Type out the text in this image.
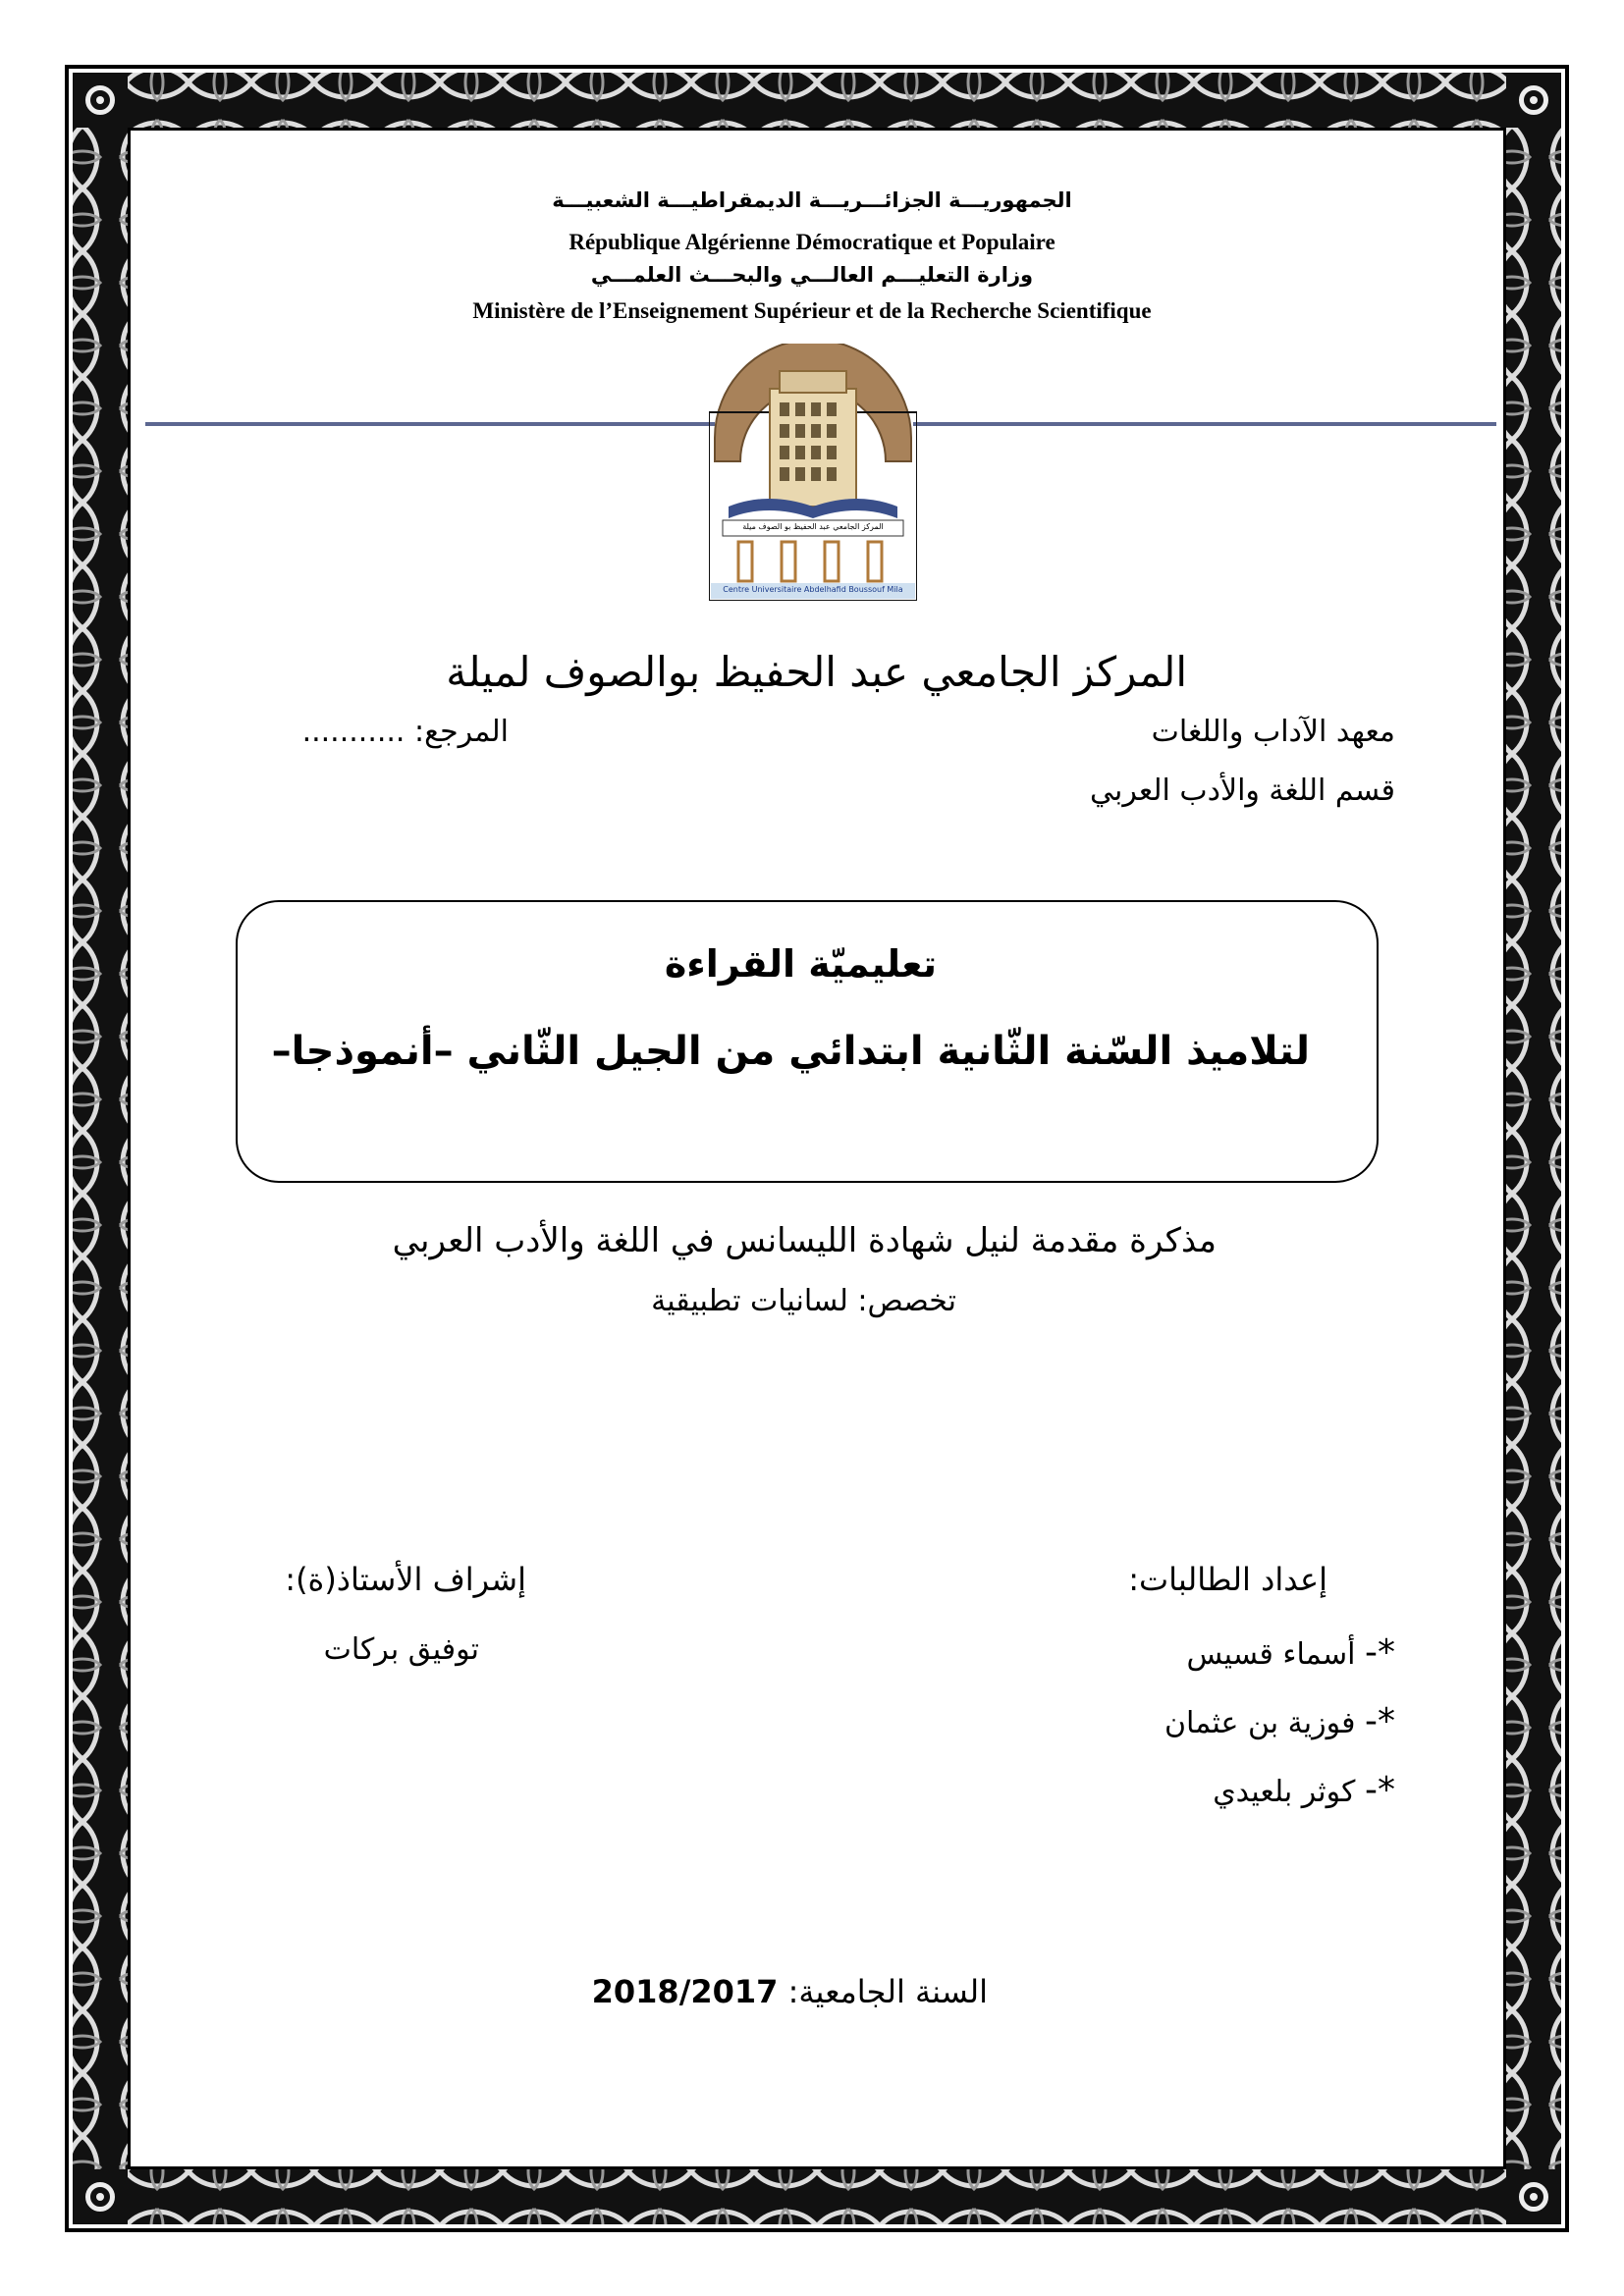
الجمهوريـــة الجزائـــريـــة الديمقراطيـــة الشعبيـــة
République Algérienne Démocratique et Populaire
وزارة التعليـــم العالـــي والبحـــث العلمـــي
Ministère de l’Enseignement Supérieur et de la Recherche Scientifique
المركز الجامعي عبد الحفيظ بو الصوف ميلة
Centre Universitaire Abdelhafid Boussouf Mila
المركز الجامعي عبد الحفيظ بوالصوف لميلة
معهد الآداب واللغات
المرجع: ...........
قسم اللغة والأدب العربي
تعليميّة القراءة
لتلاميذ السّنة الثّانية ابتدائي من الجيل الثّاني –أنموذجا–
مذكرة مقدمة لنيل شهادة الليسانس في اللغة والأدب العربي
تخصص: لسانيات تطبيقية
إعداد الطالبات:
إشراف الأستاذ(ة):
*- أسماء قسيس
*- فوزية بن عثمان
*- كوثر بلعيدي
توفيق بركات
السنة الجامعية: 2018/2017
